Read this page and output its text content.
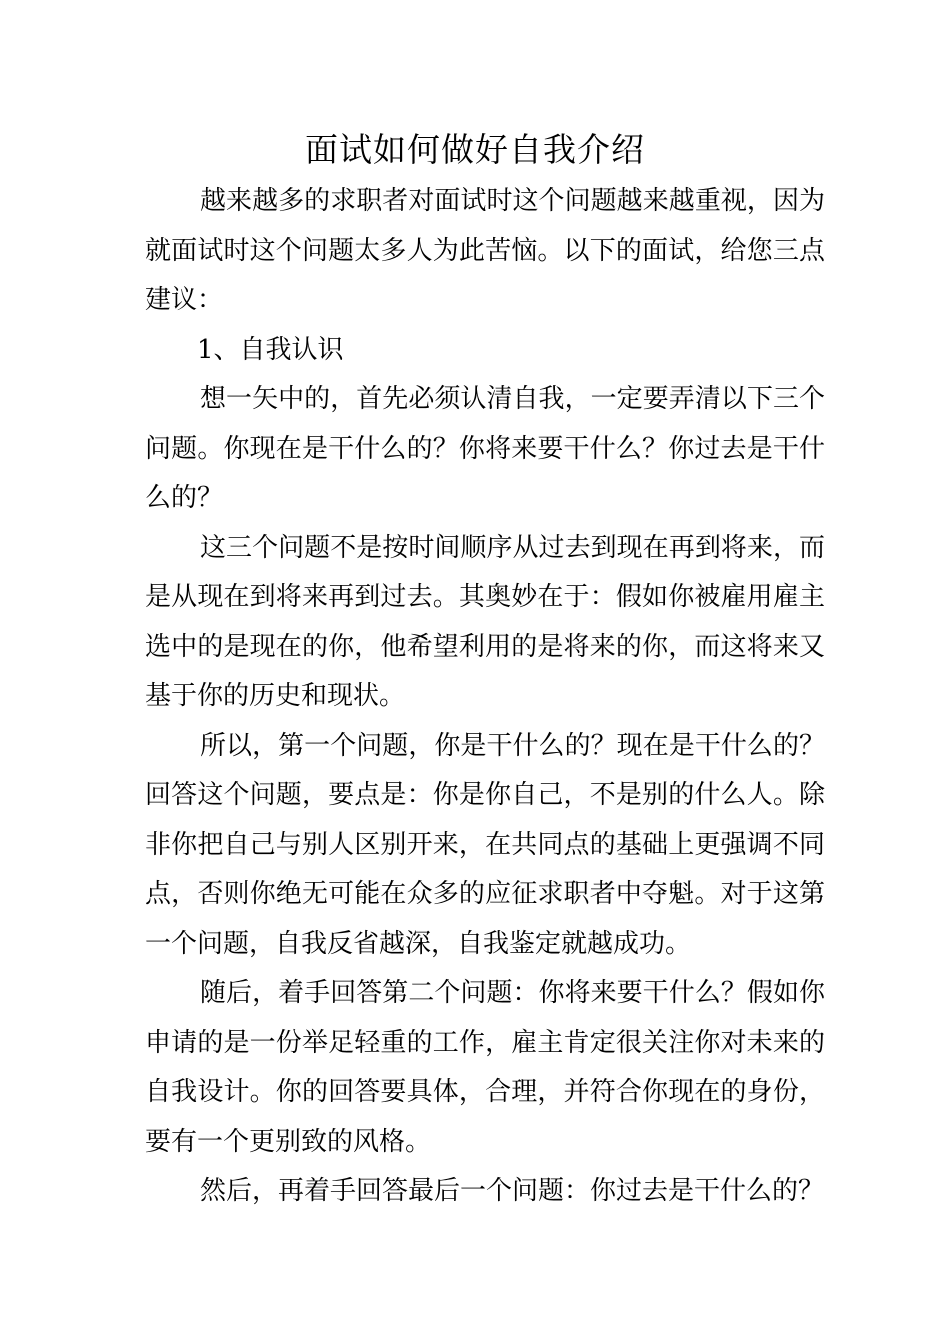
面试如何做好自我介绍

越来越多的求职者对面试时这个问题越来越重视，因为就面试时这个问题太多人为此苦恼。以下的面试，给您三点建议：

1、自我认识

想一矢中的，首先必须认清自我，一定要弄清以下三个问题。你现在是干什么的？你将来要干什么？你过去是干什么的？

这三个问题不是按时间顺序从过去到现在再到将来，而是从现在到将来再到过去。其奥妙在于：假如你被雇用雇主选中的是现在的你，他希望利用的是将来的你，而这将来又基于你的历史和现状。

所以，第一个问题，你是干什么的？现在是干什么的？回答这个问题，要点是：你是你自己，不是别的什么人。除非你把自己与别人区别开来，在共同点的基础上更强调不同点，否则你绝无可能在众多的应征求职者中夺魁。对于这第一个问题，自我反省越深，自我鉴定就越成功。

随后，着手回答第二个问题：你将来要干什么？假如你申请的是一份举足轻重的工作，雇主肯定很关注你对未来的自我设计。你的回答要具体，合理，并符合你现在的身份，要有一个更别致的风格。

然后，再着手回答最后一个问题：你过去是干什么的？
